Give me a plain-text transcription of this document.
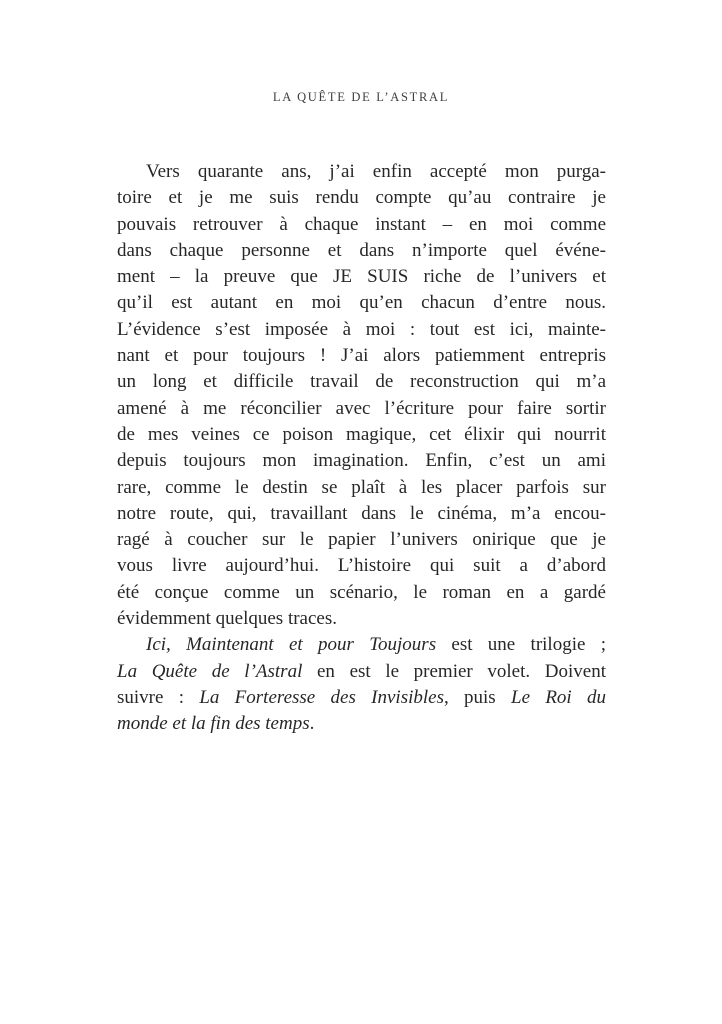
LA QUÊTE DE L’ASTRAL
Vers quarante ans, j’ai enfin accepté mon purga-
toire et je me suis rendu compte qu’au contraire je
pouvais retrouver à chaque instant – en moi comme
dans chaque personne et dans n’importe quel événe-
ment – la preuve que JE SUIS riche de l’univers et
qu’il est autant en moi qu’en chacun d’entre nous.
L’évidence s’est imposée à moi : tout est ici, mainte-
nant et pour toujours ! J’ai alors patiemment entrepris
un long et difficile travail de reconstruction qui m’a
amené à me réconcilier avec l’écriture pour faire sortir
de mes veines ce poison magique, cet élixir qui nourrit
depuis toujours mon imagination. Enfin, c’est un ami
rare, comme le destin se plaît à les placer parfois sur
notre route, qui, travaillant dans le cinéma, m’a encou-
ragé à coucher sur le papier l’univers onirique que je
vous livre aujourd’hui. L’histoire qui suit a d’abord
été conçue comme un scénario, le roman en a gardé
évidemment quelques traces.
Ici, Maintenant et pour Toujours est une trilogie ;
La Quête de l’Astral en est le premier volet. Doivent
suivre : La Forteresse des Invisibles, puis Le Roi du
monde et la fin des temps.
